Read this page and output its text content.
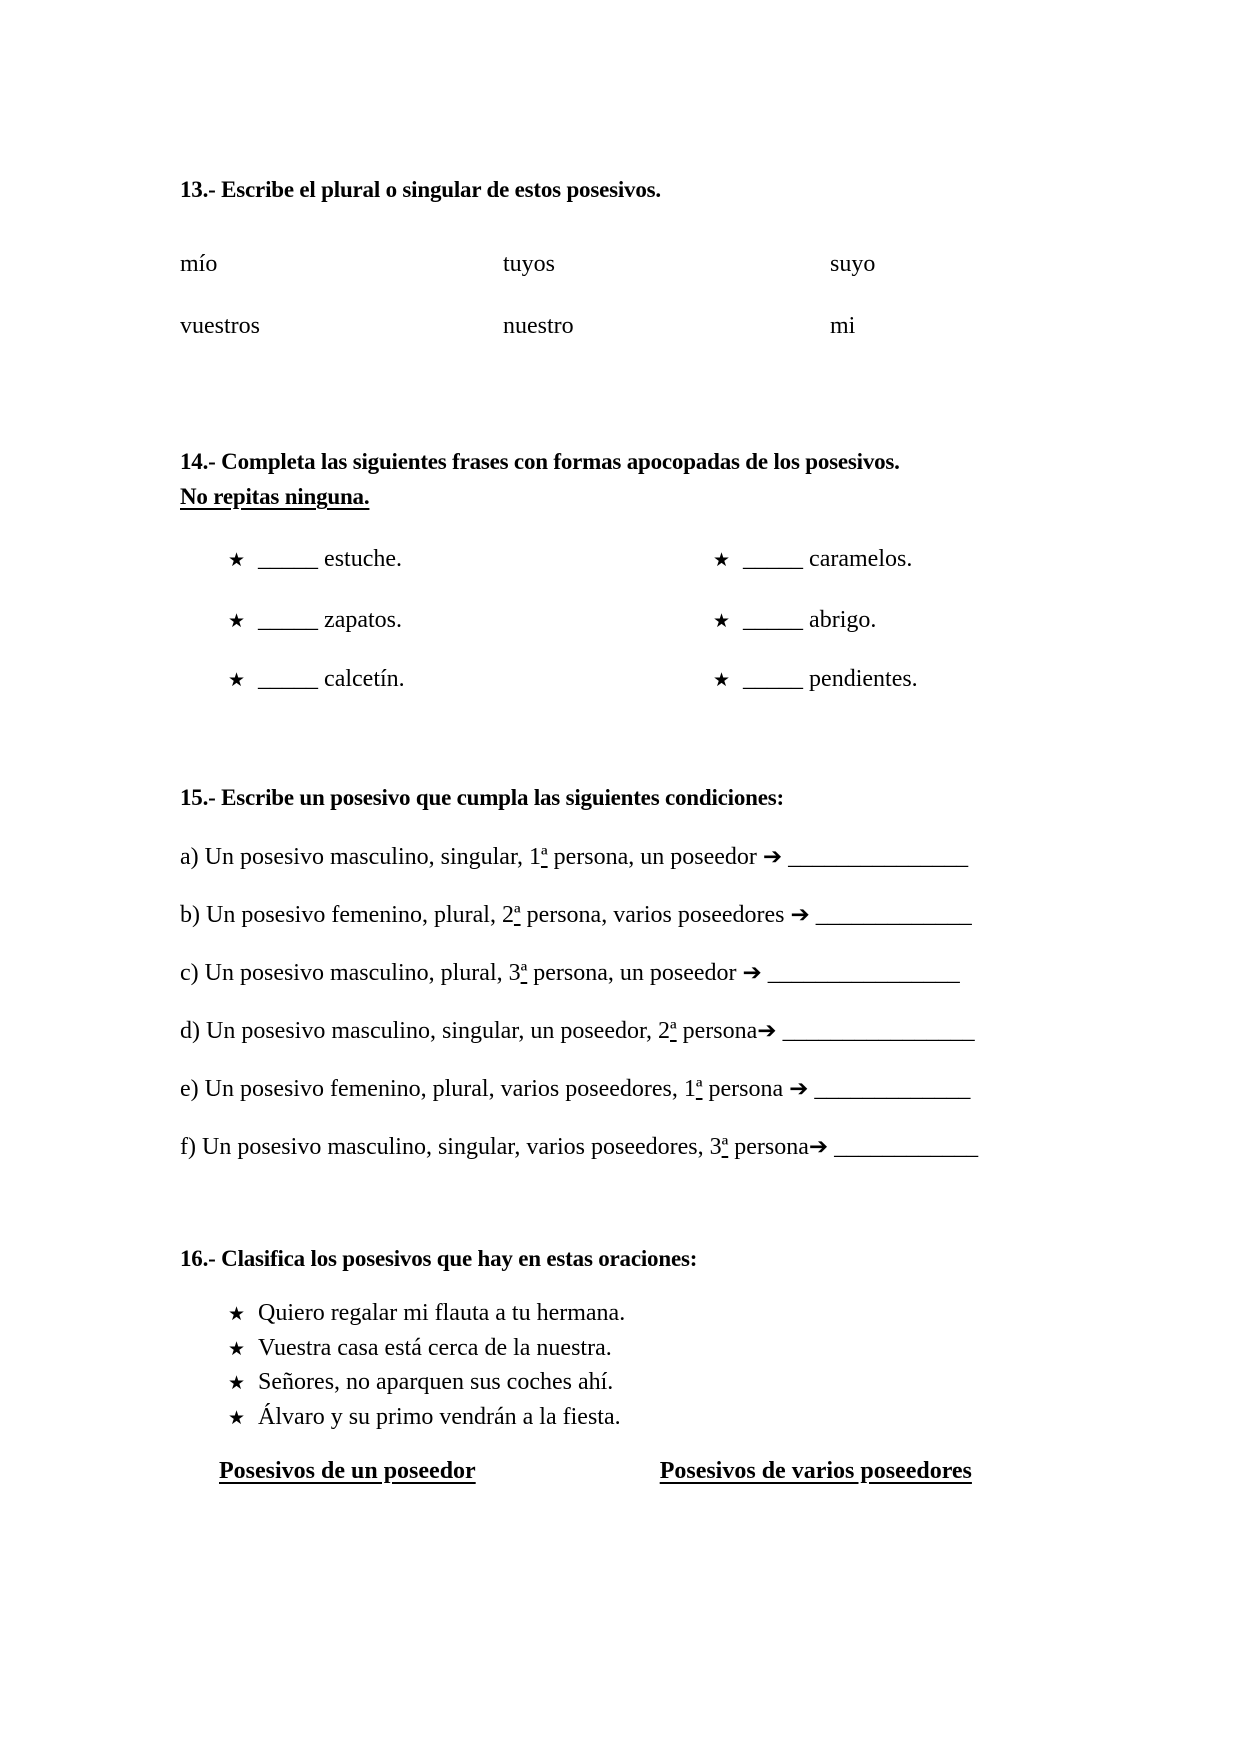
13.- Escribe el plural o singular de estos posesivos.
mío	tuyos	suyo
vuestros	nuestro	mi
14.- Completa las siguientes frases con formas apocopadas de los posesivos.
No repitas ninguna.
★ _____ estuche.	★ _____ caramelos.
★ _____ zapatos.	★ _____ abrigo.
★ _____ calcetín.	★ _____ pendientes.
15.- Escribe un posesivo que cumpla las siguientes condiciones:
a) Un posesivo masculino, singular, 1ª persona, un poseedor ➔ _______________
b) Un posesivo femenino, plural, 2ª persona, varios poseedores ➔ _____________
c) Un posesivo masculino, plural, 3ª persona, un poseedor ➔ ________________
d) Un posesivo masculino, singular, un poseedor, 2ª persona➔ ________________
e) Un posesivo femenino, plural, varios poseedores, 1ª persona ➔ _____________
f) Un posesivo masculino, singular, varios poseedores, 3ª persona➔ ____________
16.- Clasifica los posesivos que hay en estas oraciones:
★ Quiero regalar mi flauta a tu hermana.
★ Vuestra casa está cerca de la nuestra.
★ Señores, no aparquen sus coches ahí.
★ Álvaro y su primo vendrán a la fiesta.
Posesivos de un poseedor	Posesivos de varios poseedores
